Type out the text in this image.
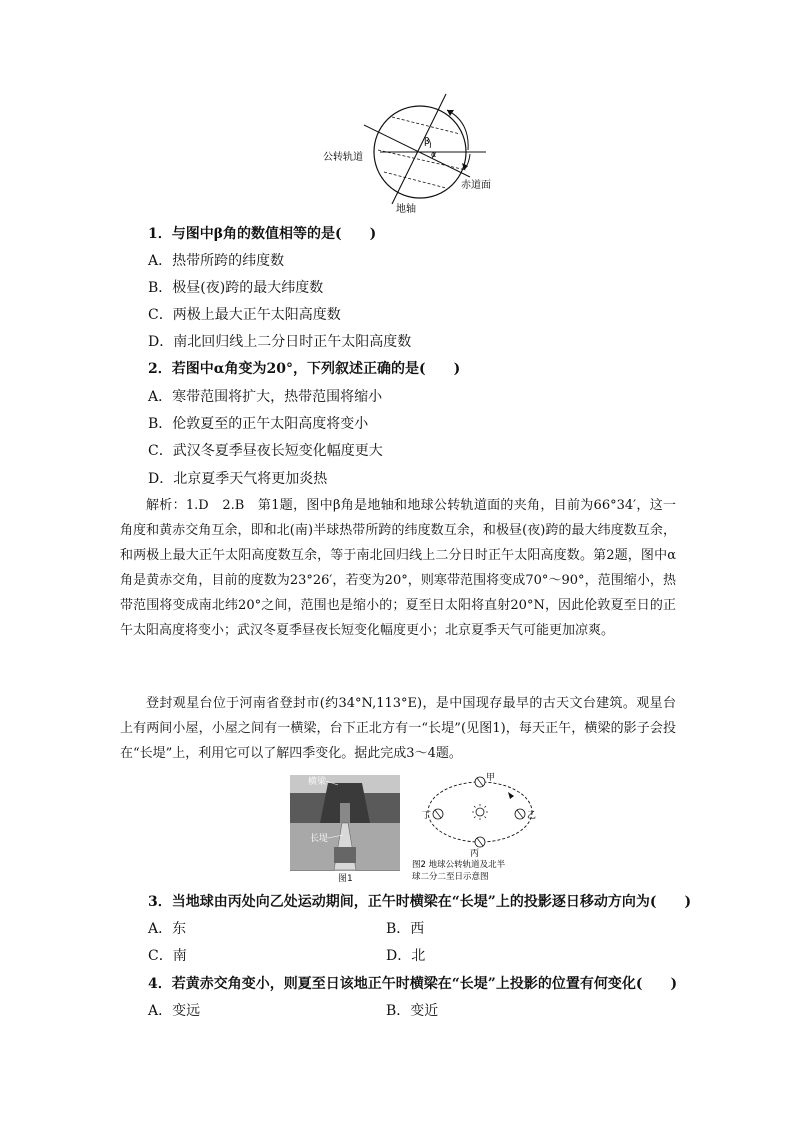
β
α
公转轨道
赤道面
地轴
1．与图中β角的数值相等的是(　　)
A．热带所跨的纬度数
B．极昼(夜)跨的最大纬度数
C．两极上最大正午太阳高度数
D．南北回归线上二分日时正午太阳高度数
2．若图中α角变为20°，下列叙述正确的是(　　)
A．寒带范围将扩大，热带范围将缩小
B．伦敦夏至的正午太阳高度将变小
C．武汉冬夏季昼夜长短变化幅度更大
D．北京夏季天气将更加炎热
解析：1.D　2.B　第1题，图中β角是地轴和地球公转轨道面的夹角，目前为66°34′，这一角度和黄赤交角互余，即和北(南)半球热带所跨的纬度数互余，和极昼(夜)跨的最大纬度数互余，和两极上最大正午太阳高度数互余，等于南北回归线上二分日时正午太阳高度数。第2题，图中α角是黄赤交角，目前的度数为23°26′，若变为20°，则寒带范围将变成70°～90°，范围缩小，热带范围将变成南北纬20°之间，范围也是缩小的；夏至日太阳将直射20°N，因此伦敦夏至日的正午太阳高度将变小；武汉冬夏季昼夜长短变化幅度更小；北京夏季天气可能更加凉爽。
登封观星台位于河南省登封市(约34°N,113°E)，是中国现存最早的古天文台建筑。观星台上有两间小屋，小屋之间有一横梁，台下正北方有一“长堤”(见图1)，每天正午，横梁的影子会投在“长堤”上，利用它可以了解四季变化。据此完成3～4题。
横梁
长堤
图1
甲
乙
丙
丁
图2 地球公转轨道及北半
球二分二至日示意图
3．当地球由丙处向乙处运动期间，正午时横梁在“长堤”上的投影逐日移动方向为(　　)
A．东	B．西
C．南	D．北
4．若黄赤交角变小，则夏至日该地正午时横梁在“长堤”上投影的位置有何变化(　　)
A．变远	B．变近
